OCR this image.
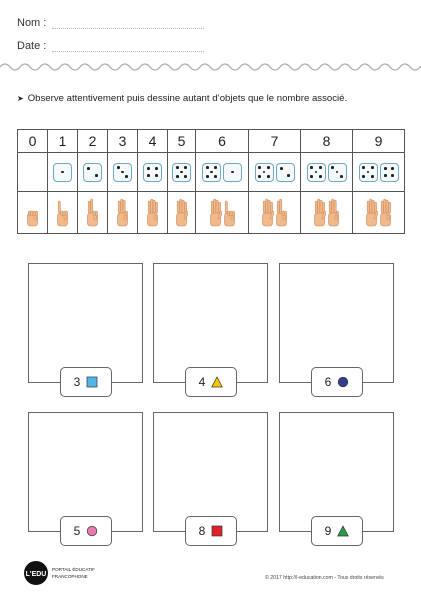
Nom :
Date :
➤ Observe attentivement puis dessine autant d’objets que le nombre associé.
0	1	2	3	4	5	6	7	8	9

3	4	6
5	8	9
L'EDU
PORTAIL ÉDUCATIF
FRANCOPHONE	© 2017 http://l-education.com - Tous droits réservés
